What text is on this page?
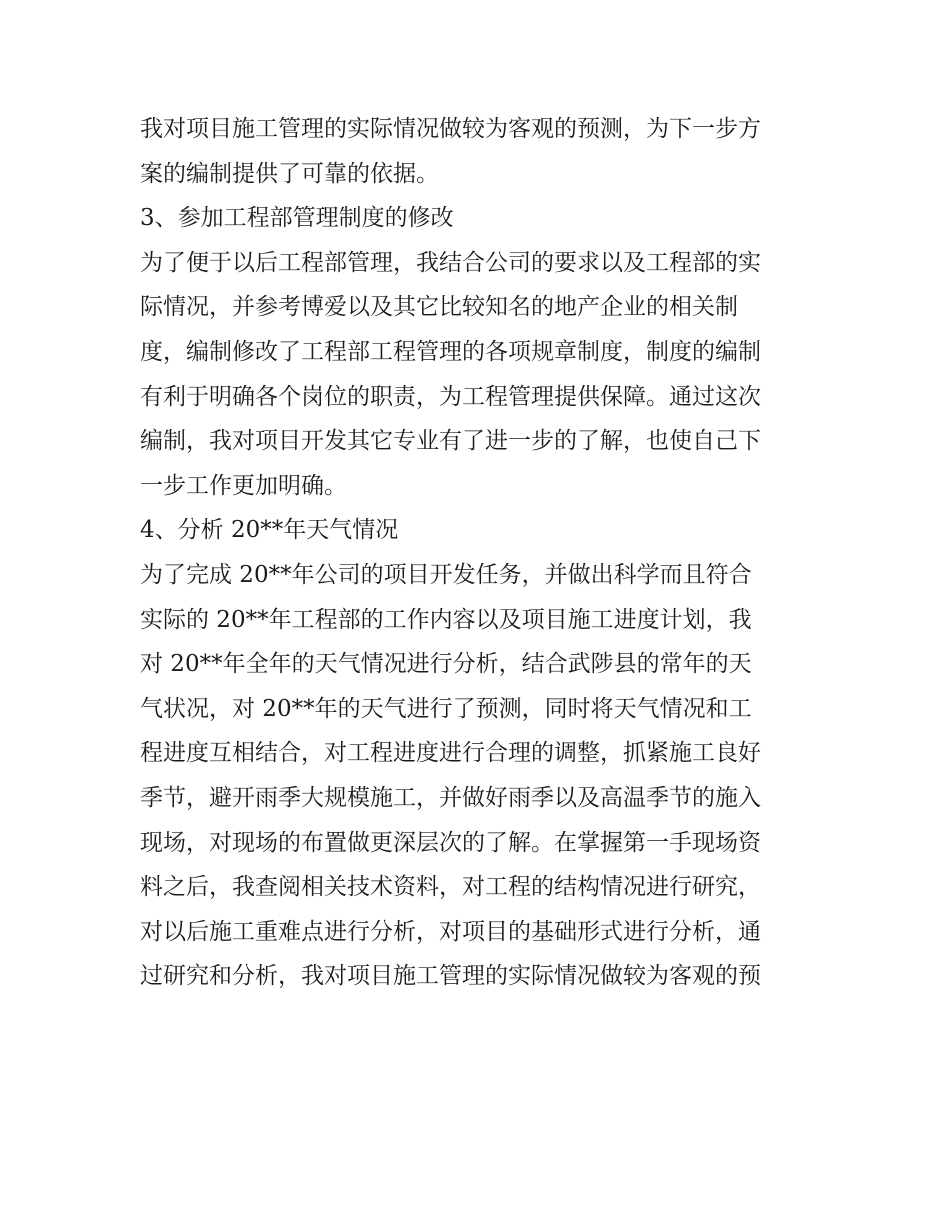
我对项目施工管理的实际情况做较为客观的预测，为下一步方
案的编制提供了可靠的依据。
3、参加工程部管理制度的修改
为了便于以后工程部管理，我结合公司的要求以及工程部的实
际情况，并参考博爱以及其它比较知名的地产企业的相关制
度，编制修改了工程部工程管理的各项规章制度，制度的编制
有利于明确各个岗位的职责，为工程管理提供保障。通过这次
编制，我对项目开发其它专业有了进一步的了解，也使自己下
一步工作更加明确。
4、分析 20**年天气情况
为了完成 20**年公司的项目开发任务，并做出科学而且符合
实际的 20**年工程部的工作内容以及项目施工进度计划，我
对 20**年全年的天气情况进行分析，结合武陟县的常年的天
气状况，对 20**年的天气进行了预测，同时将天气情况和工
程进度互相结合，对工程进度进行合理的调整，抓紧施工良好
季节，避开雨季大规模施工，并做好雨季以及高温季节的施入
现场，对现场的布置做更深层次的了解。在掌握第一手现场资
料之后，我查阅相关技术资料，对工程的结构情况进行研究，
对以后施工重难点进行分析，对项目的基础形式进行分析，通
过研究和分析，我对项目施工管理的实际情况做较为客观的预
